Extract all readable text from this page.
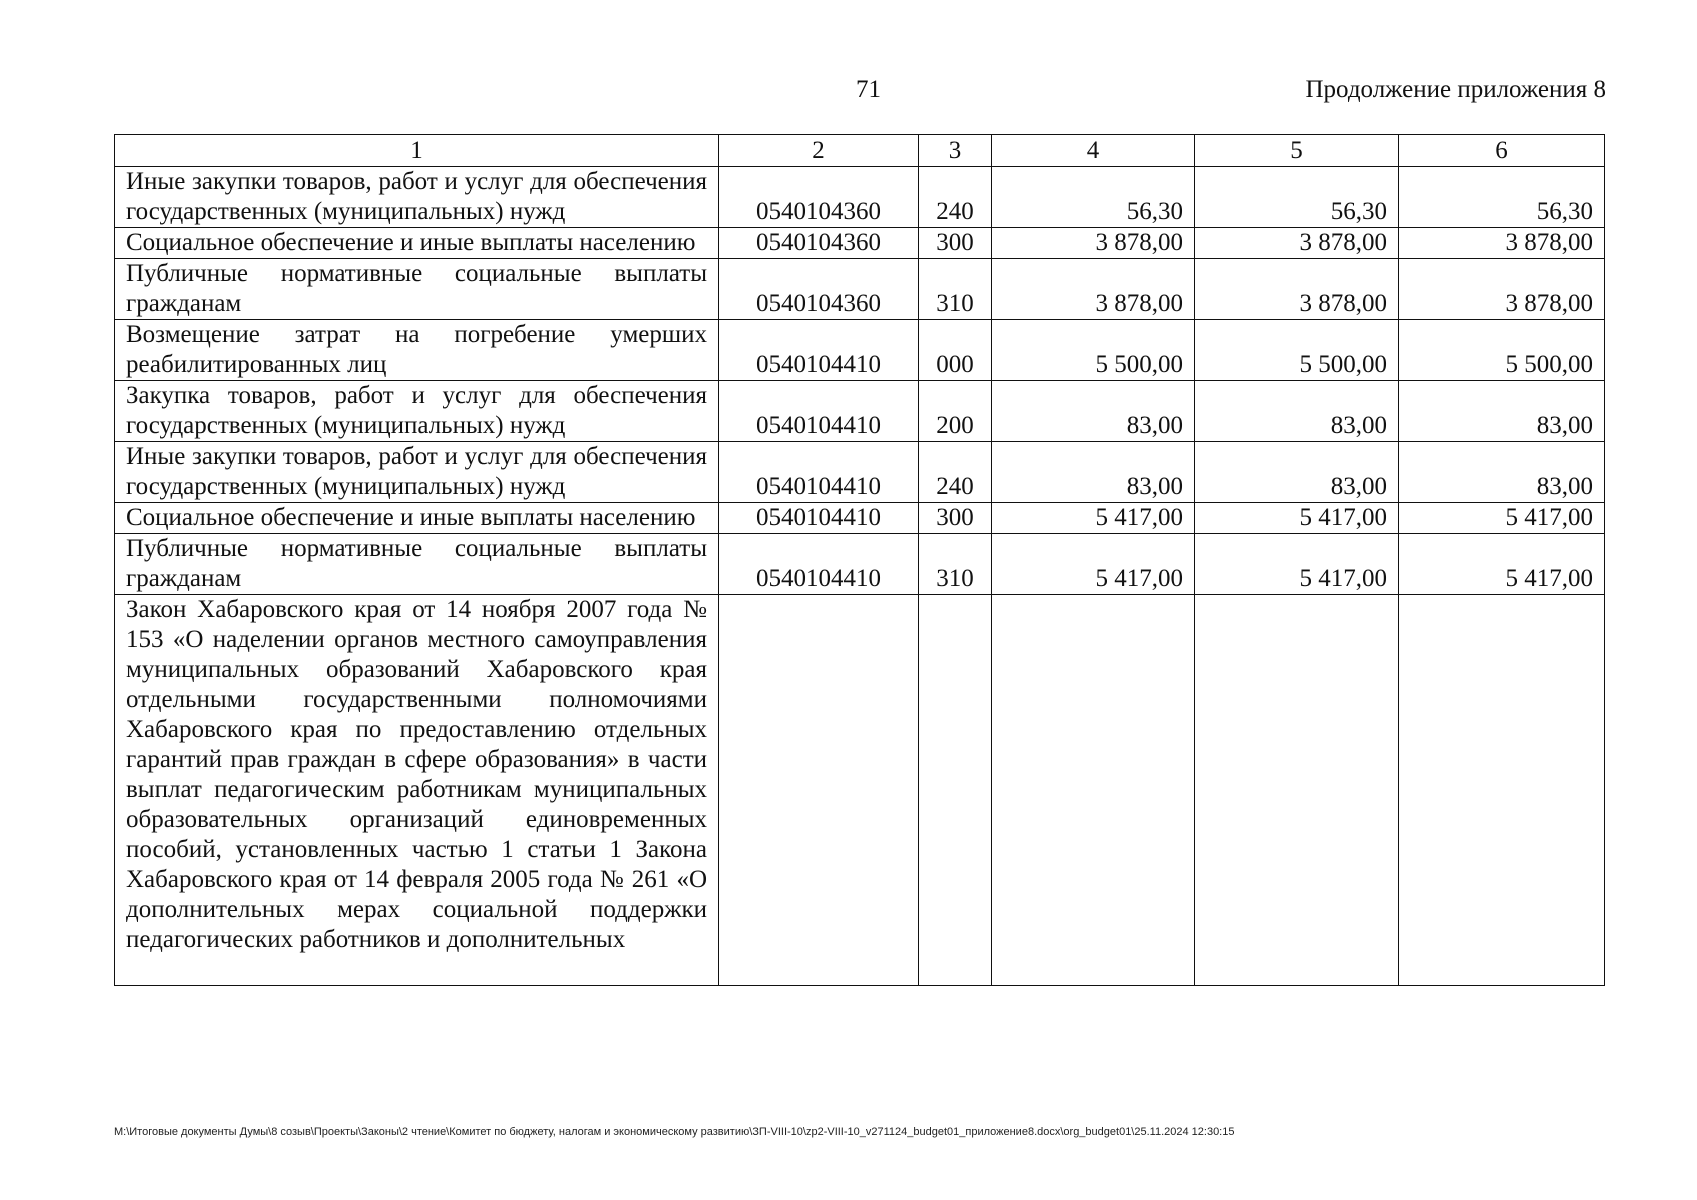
71	Продолжение приложения 8
1	2	3	4	5	6
Иные закупки товаров, работ и услуг для обеспечения государственных (муниципальных) нужд	0540104360	240	56,30	56,30	56,30
Социальное обеспечение и иные выплаты населению	0540104360	300	3 878,00	3 878,00	3 878,00
Публичные нормативные социальные выплаты гражданам	0540104360	310	3 878,00	3 878,00	3 878,00
Возмещение затрат на погребение умерших реабилитированных лиц	0540104410	000	5 500,00	5 500,00	5 500,00
Закупка товаров, работ и услуг для обеспечения государственных (муниципальных) нужд	0540104410	200	83,00	83,00	83,00
Иные закупки товаров, работ и услуг для обеспечения государственных (муниципальных) нужд	0540104410	240	83,00	83,00	83,00
Социальное обеспечение и иные выплаты населению	0540104410	300	5 417,00	5 417,00	5 417,00
Публичные нормативные социальные выплаты гражданам	0540104410	310	5 417,00	5 417,00	5 417,00
Закон Хабаровского края от 14 ноября 2007 года № 153 «О наделении органов местного самоуправления муниципальных образований Хабаровского края отдельными государственными полномочиями Хабаровского края по предоставлению отдельных гарантий прав граждан в сфере образования» в части выплат педагогическим работникам муниципальных образовательных организаций единовременных пособий, установленных частью 1 статьи 1 Закона Хабаровского края от 14 февраля 2005 года № 261 «О дополнительных мерах социальной поддержки педагогических работников и дополнительных					
M:\Итоговые документы Думы\8 созыв\Проекты\Законы\2 чтение\Комитет по бюджету, налогам и экономическому развитию\ЗП-VIII-10\zp2-VIII-10_v271124_budget01_приложение8.docx\org_budget01\25.11.2024 12:30:15
